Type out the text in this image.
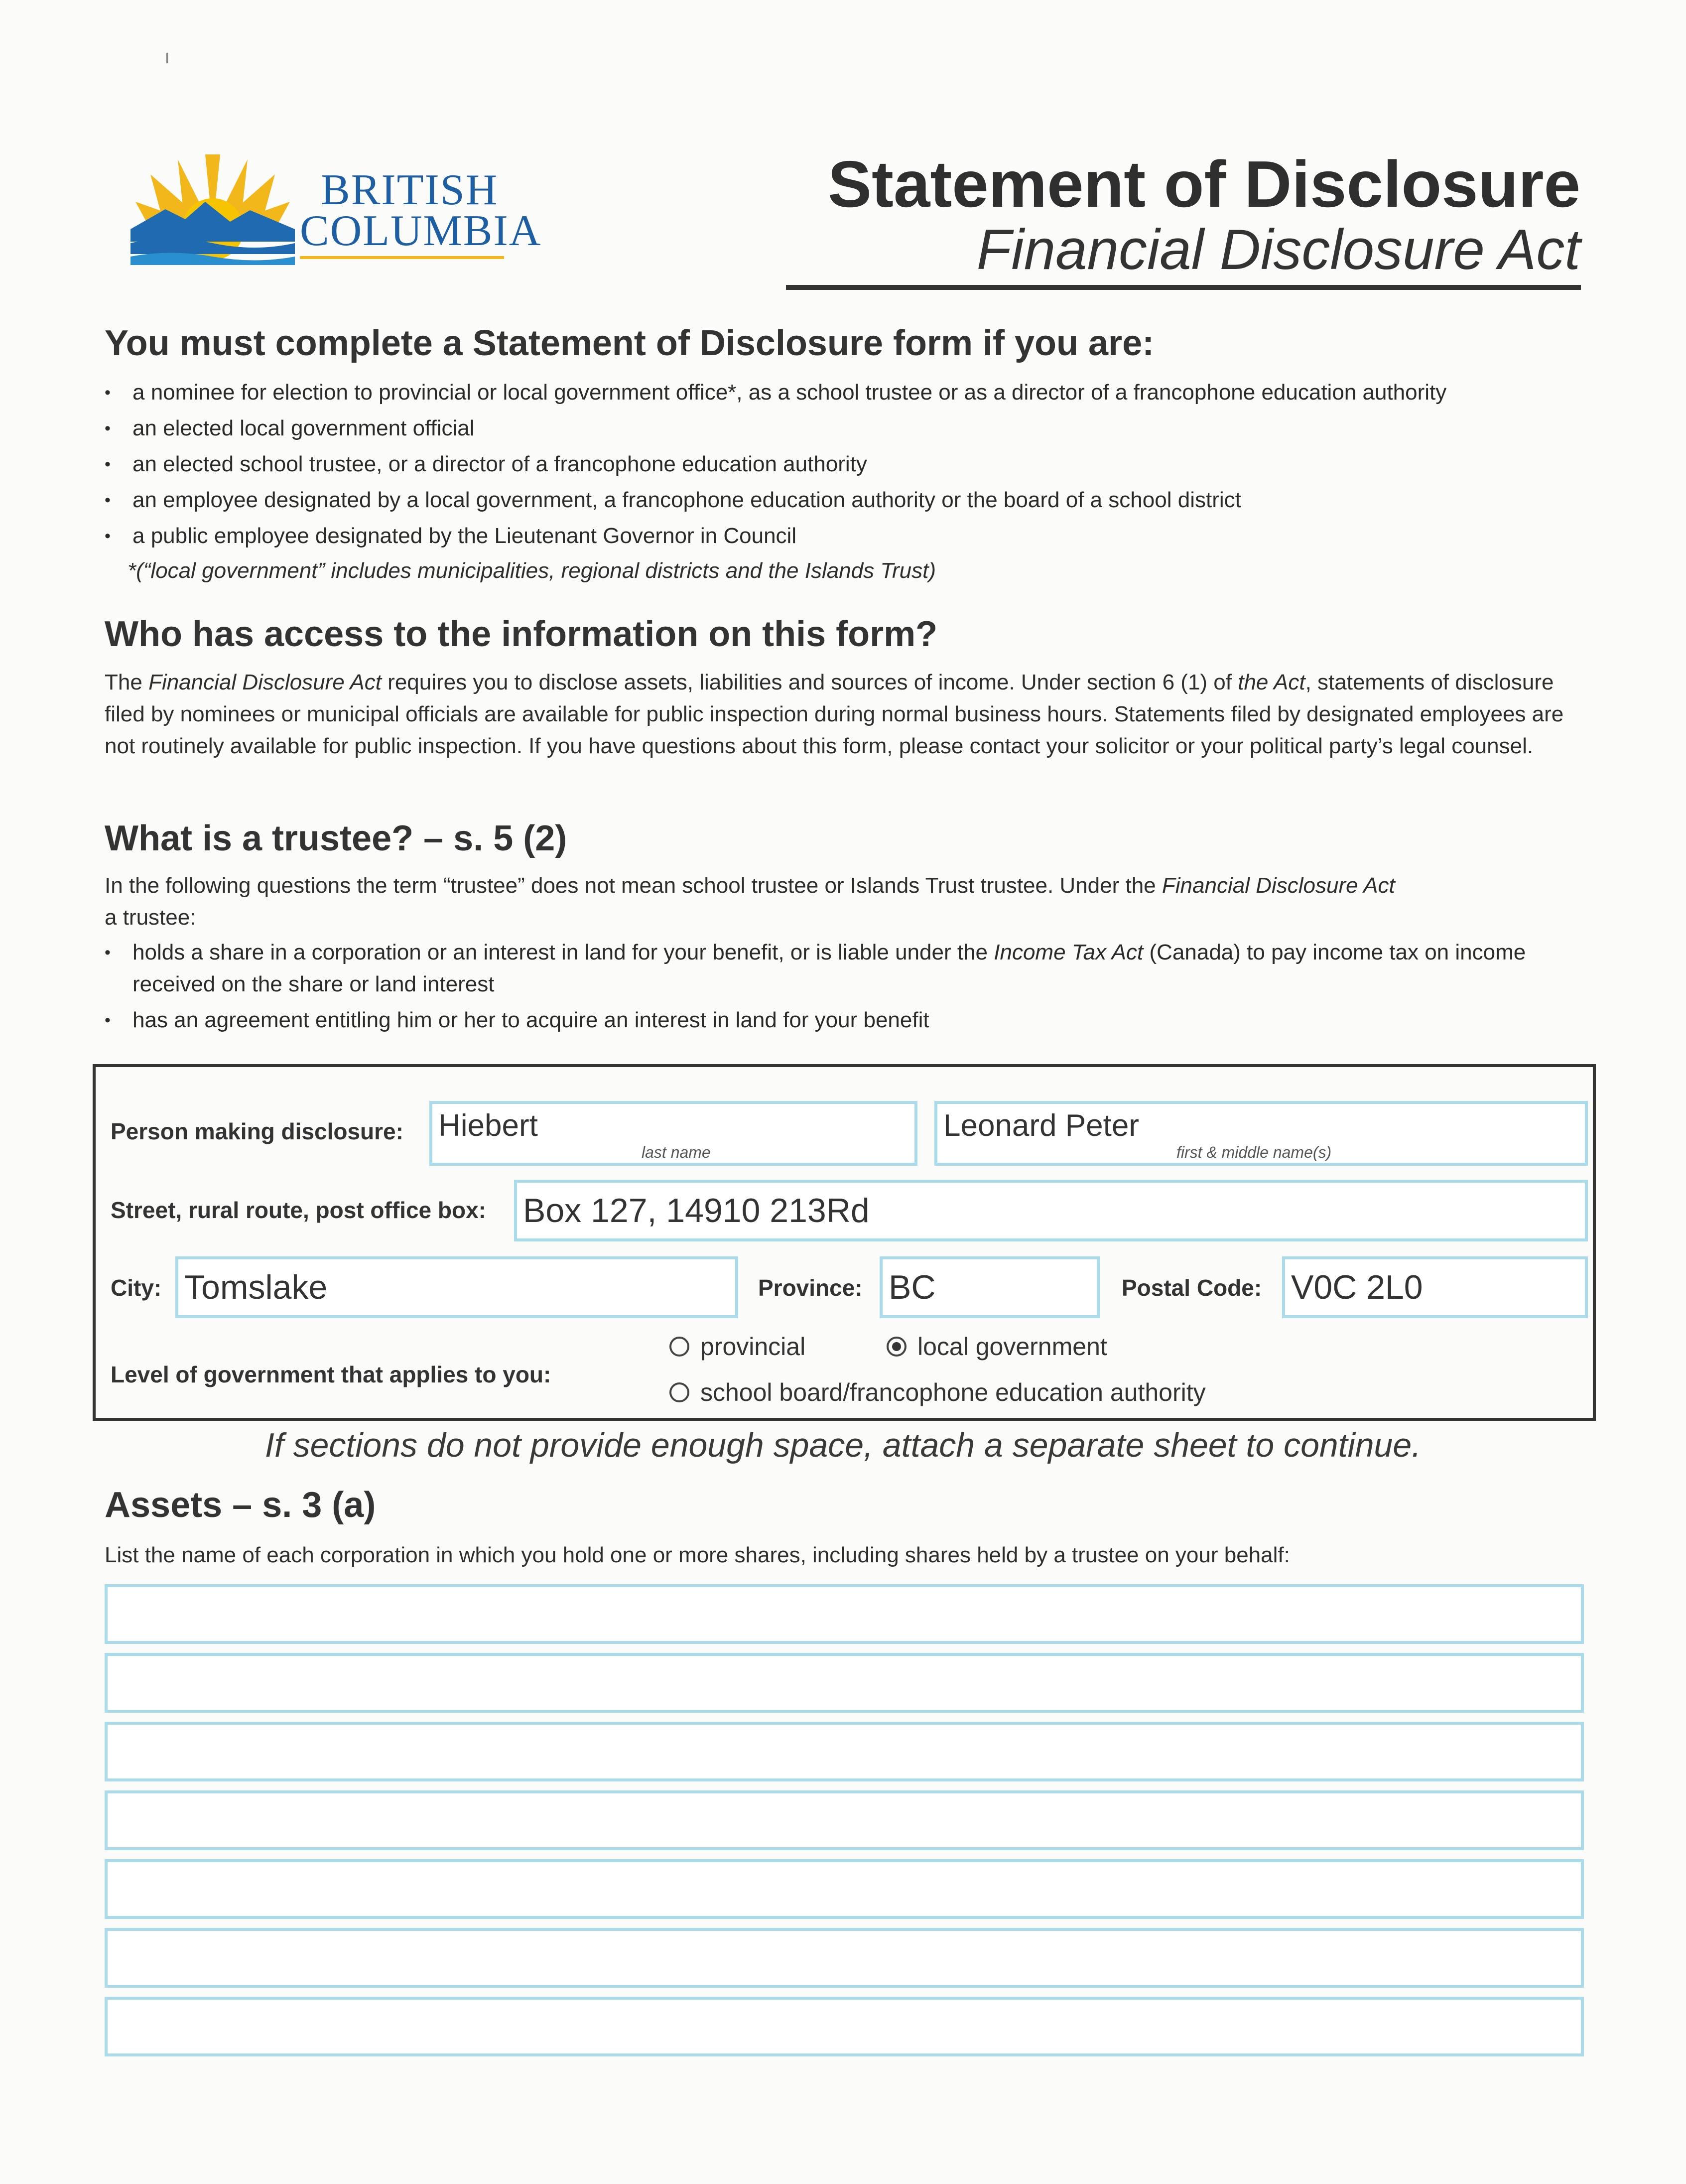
ı
BRITISH
COLUMBIA
Statement of Disclosure
Financial Disclosure Act
You must complete a Statement of Disclosure form if you are:
• a nominee for election to provincial or local government office*, as a school trustee or as a director of a francophone education authority
• an elected local government official
• an elected school trustee, or a director of a francophone education authority
• an employee designated by a local government, a francophone education authority or the board of a school district
• a public employee designated by the Lieutenant Governor in Council
*(“local government” includes municipalities, regional districts and the Islands Trust)
Who has access to the information on this form?
The Financial Disclosure Act requires you to disclose assets, liabilities and sources of income. Under section 6 (1) of the Act, statements of disclosure filed by nominees or municipal officials are available for public inspection during normal business hours. Statements filed by designated employees are not routinely available for public inspection. If you have questions about this form, please contact your solicitor or your political party’s legal counsel.
What is a trustee? – s. 5 (2)
In the following questions the term “trustee” does not mean school trustee or Islands Trust trustee. Under the Financial Disclosure Act
a trustee:
• holds a share in a corporation or an interest in land for your benefit, or is liable under the Income Tax Act (Canada) to pay income tax on income received on the share or land interest
• has an agreement entitling him or her to acquire an interest in land for your benefit
Person making disclosure: Hiebert
last name
Leonard Peter
first & middle name(s)
Street, rural route, post office box: Box 127, 14910 213Rd
City: Tomslake	Province: BC	Postal Code: V0C 2L0
Level of government that applies to you:
provincial	local government
school board/francophone education authority
If sections do not provide enough space, attach a separate sheet to continue.
Assets – s. 3 (a)
List the name of each corporation in which you hold one or more shares, including shares held by a trustee on your behalf:
